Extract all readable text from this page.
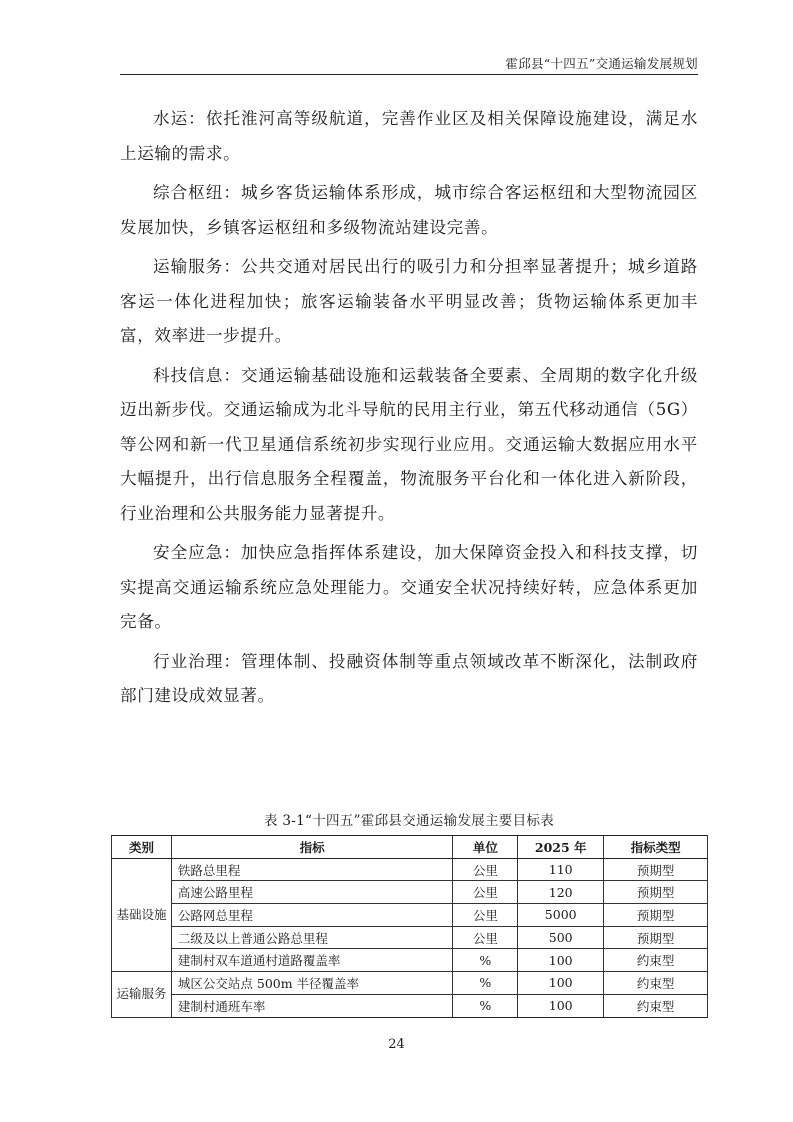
霍邱县“十四五”交通运输发展规划

水运：依托淮河高等级航道，完善作业区及相关保障设施建设，满足水上运输的需求。

综合枢纽：城乡客货运输体系形成，城市综合客运枢纽和大型物流园区发展加快，乡镇客运枢纽和多级物流站建设完善。

运输服务：公共交通对居民出行的吸引力和分担率显著提升；城乡道路客运一体化进程加快；旅客运输装备水平明显改善；货物运输体系更加丰富，效率进一步提升。

科技信息：交通运输基础设施和运载装备全要素、全周期的数字化升级迈出新步伐。交通运输成为北斗导航的民用主行业，第五代移动通信（5G）等公网和新一代卫星通信系统初步实现行业应用。交通运输大数据应用水平大幅提升，出行信息服务全程覆盖，物流服务平台化和一体化进入新阶段，行业治理和公共服务能力显著提升。

安全应急：加快应急指挥体系建设，加大保障资金投入和科技支撑，切实提高交通运输系统应急处理能力。交通安全状况持续好转，应急体系更加完备。

行业治理：管理体制、投融资体制等重点领域改革不断深化，法制政府部门建设成效显著。

表 3-1“十四五”霍邱县交通运输发展主要目标表
类别	指标	单位	2025 年	指标类型
基础设施	铁路总里程	公里	110	预期型
	高速公路里程	公里	120	预期型
	公路网总里程	公里	5000	预期型
	二级及以上普通公路总里程	公里	500	预期型
	建制村双车道通村道路覆盖率	%	100	约束型
运输服务	城区公交站点 500m 半径覆盖率	%	100	约束型
	建制村通班车率	%	100	约束型
24
